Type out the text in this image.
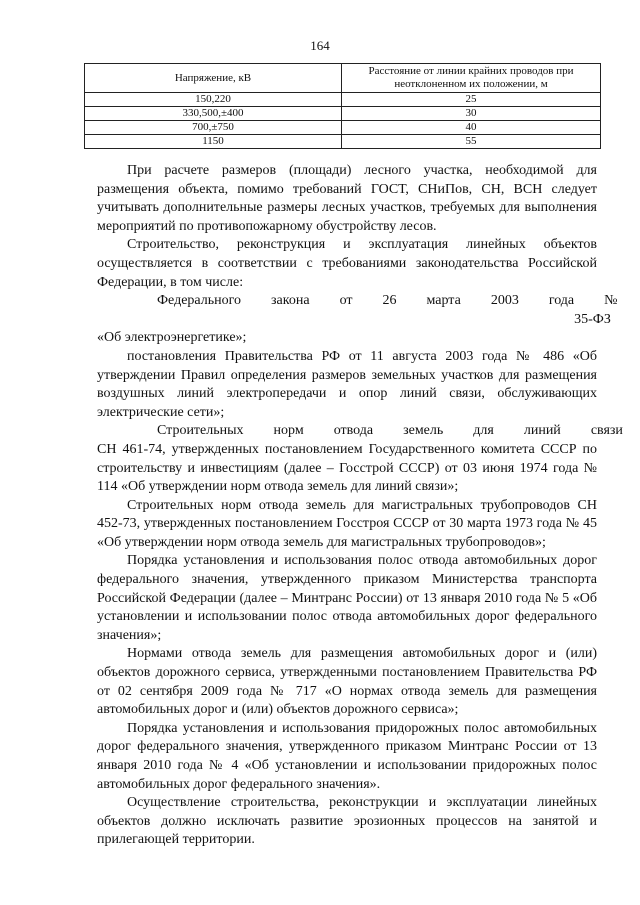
164
Напряжение, кВ	Расстояние от линии крайних проводов при неотклоненном их положении, м
150,220	25
330,500,±400	30
700,±750	40
1150	55

При расчете размеров (площади) лесного участка, необходимой для размещения объекта, помимо требований ГОСТ, СНиПов, СН, ВСН следует учитывать дополнительные размеры лесных участков, требуемых для выполнения мероприятий по противопожарному обустройству лесов.

Строительство, реконструкция и эксплуатация линейных объектов осуществляется в соответствии с требованиями законодательства Российской Федерации, в том числе:

Федерального	закона	от	26	марта	2003	года	№ 35-ФЗ

«Об электроэнергетике»;

постановления Правительства РФ от 11 августа 2003 года № 486 «Об утверждении Правил определения размеров земельных участков для размещения воздушных линий электропередачи и опор линий связи, обслуживающих электрические сети»;

Строительных	норм	отвода	земель	для	линий	связи

СН 461-74, утвержденных постановлением Государственного комитета СССР по строительству и инвестициям (далее – Госстрой СССР) от 03 июня 1974 года № 114 «Об утверждении норм отвода земель для линий связи»;

Строительных норм отвода земель для магистральных трубопроводов СН 452-73, утвержденных постановлением Госстроя СССР от 30 марта 1973 года № 45 «Об утверждении норм отвода земель для магистральных трубопроводов»;

Порядка установления и использования полос отвода автомобильных дорог федерального значения, утвержденного приказом Министерства транспорта Российской Федерации (далее – Минтранс России) от 13 января 2010 года № 5 «Об установлении и использовании полос отвода автомобильных дорог федерального значения»;

Нормами отвода земель для размещения автомобильных дорог и (или) объектов дорожного сервиса, утвержденными постановлением Правительства РФ от 02 сентября 2009 года № 717 «О нормах отвода земель для размещения автомобильных дорог и (или) объектов дорожного сервиса»;

Порядка установления и использования придорожных полос автомобильных дорог федерального значения, утвержденного приказом Минтранс России от 13 января 2010 года № 4 «Об установлении и использовании придорожных полос автомобильных дорог федерального значения».

Осуществление строительства, реконструкции и эксплуатации линейных объектов должно исключать развитие эрозионных процессов на занятой и прилегающей территории.
